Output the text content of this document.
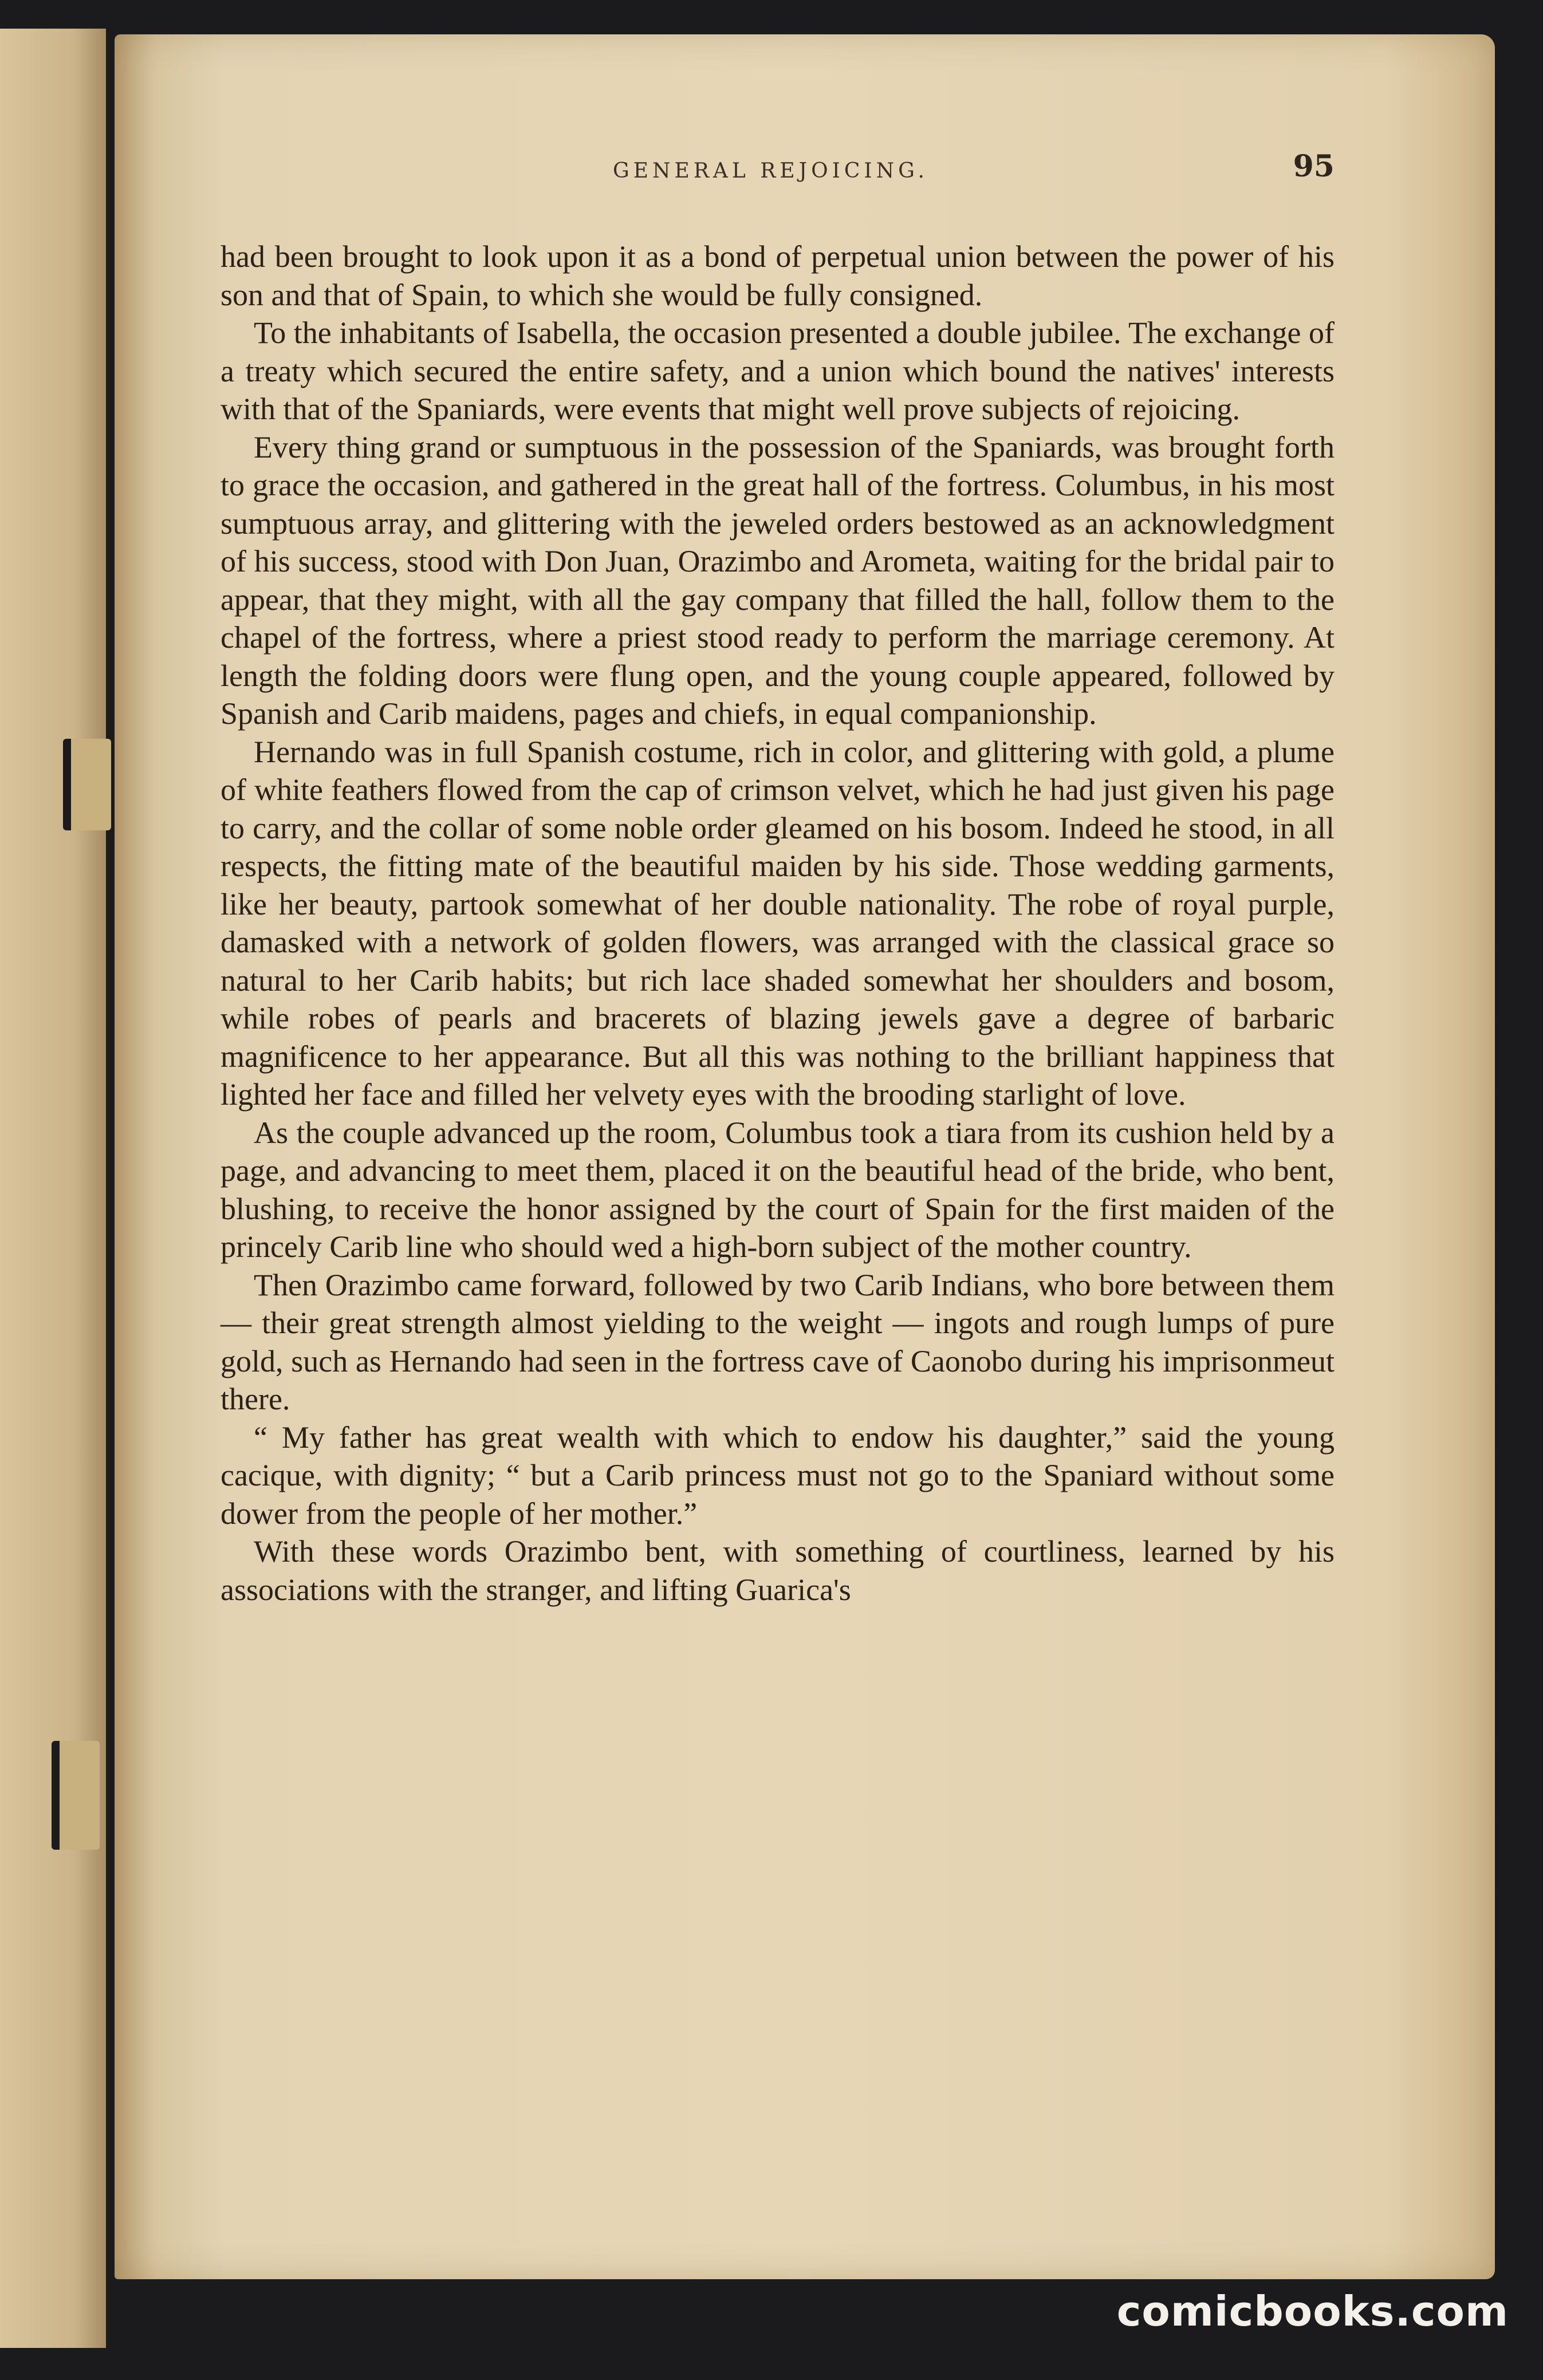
GENERAL REJOICING.	95

had been brought to look upon it as a bond of perpetual union between the power of his son and that of Spain, to which she would be fully consigned.

To the inhabitants of Isabella, the occasion presented a double jubilee. The exchange of a treaty which secured the entire safety, and a union which bound the natives' interests with that of the Spaniards, were events that might well prove subjects of rejoicing.

Every thing grand or sumptuous in the possession of the Spaniards, was brought forth to grace the occasion, and gathered in the great hall of the fortress. Columbus, in his most sumptuous array, and glittering with the jeweled orders bestowed as an acknowledgment of his success, stood with Don Juan, Orazimbo and Arometa, waiting for the bridal pair to appear, that they might, with all the gay company that filled the hall, follow them to the chapel of the fortress, where a priest stood ready to perform the marriage ceremony. At length the folding doors were flung open, and the young couple appeared, followed by Spanish and Carib maidens, pages and chiefs, in equal companionship.

Hernando was in full Spanish costume, rich in color, and glittering with gold, a plume of white feathers flowed from the cap of crimson velvet, which he had just given his page to carry, and the collar of some noble order gleamed on his bosom. Indeed he stood, in all respects, the fitting mate of the beautiful maiden by his side. Those wedding garments, like her beauty, partook somewhat of her double nationality. The robe of royal purple, damasked with a network of golden flowers, was arranged with the classical grace so natural to her Carib habits; but rich lace shaded somewhat her shoulders and bosom, while robes of pearls and bracerets of blazing jewels gave a degree of barbaric magnificence to her appearance. But all this was nothing to the brilliant happiness that lighted her face and filled her velvety eyes with the brooding starlight of love.

As the couple advanced up the room, Columbus took a tiara from its cushion held by a page, and advancing to meet them, placed it on the beautiful head of the bride, who bent, blushing, to receive the honor assigned by the court of Spain for the first maiden of the princely Carib line who should wed a high-born subject of the mother country.

Then Orazimbo came forward, followed by two Carib Indians, who bore between them — their great strength almost yielding to the weight — ingots and rough lumps of pure gold, such as Hernando had seen in the fortress cave of Caonobo during his imprisonmeut there.

“ My father has great wealth with which to endow his daughter,” said the young cacique, with dignity; “ but a Carib princess must not go to the Spaniard without some dower from the people of her mother.”

With these words Orazimbo bent, with something of courtliness, learned by his associations with the stranger, and lifting Guarica's

comicbooks.com
